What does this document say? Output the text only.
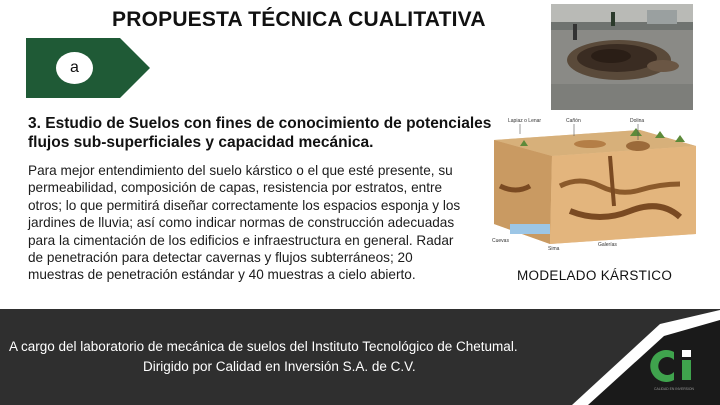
PROPUESTA TÉCNICA CUALITATIVA
a
3. Estudio de Suelos con fines de conocimiento de potenciales flujos sub-superficiales y capacidad mecánica.
Para mejor entendimiento del suelo kárstico o el que esté presente, su permeabilidad, composición de capas, resistencia por estratos, entre otros; lo que permitirá diseñar correctamente los espacios esponja y los jardines de lluvia; así como indicar normas de construcción adecuadas para la cimentación de los edificios e infraestructura en general. Radar de penetración para detectar cavernas y flujos subterráneos; 20 muestras de penetración estándar y 40 muestras a cielo abierto.
Lapiaz o Lenar	Cañón	Dolina
Cuevas
Sima
Galerías
MODELADO KÁRSTICO
CALIDAD EN INVERSION
A cargo del laboratorio de mecánica de suelos del Instituto Tecnológico de Chetumal.
Dirigido por Calidad en Inversión S.A. de C.V.
